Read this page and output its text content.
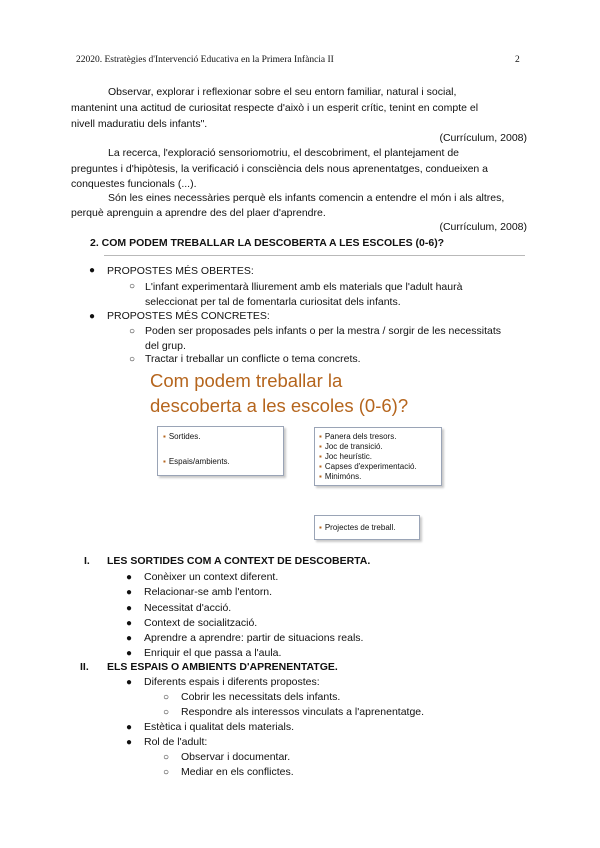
22020. Estratègies d'Intervenció Educativa en la Primera Infància II	2
Observar, explorar i reflexionar sobre el seu entorn familiar, natural i social,
mantenint una actitud de curiositat respecte d'això i un esperit crític, tenint en compte el
nivell maduratiu dels infants".
(Currículum, 2008)
La recerca, l'exploració sensoriomotriu, el descobriment, el plantejament de
preguntes i d'hipòtesis, la verificació i consciència dels nous aprenentatges, condueixen a
conquestes funcionals (...).
Són les eines necessàries perquè els infants comencin a entendre el món i als altres,
perquè aprenguin a aprendre des del plaer d'aprendre.
(Currículum, 2008)
2. COM PODEM TREBALLAR LA DESCOBERTA A LES ESCOLES (0-6)?
● PROPOSTES MÉS OBERTES:
○ L'infant experimentarà lliurement amb els materials que l'adult haurà
seleccionat per tal de fomentarla curiositat dels infants.
● PROPOSTES MÉS CONCRETES:
○ Poden ser proposades pels infants o per la mestra / sorgir de les necessitats
del grup.
○ Tractar i treballar un conflicte o tema concrets.
Com podem treballar la
descoberta a les escoles (0-6)?
▪ Sortides.
▪ Espais/ambients.
▪ Panera dels tresors.
▪ Joc de transició.
▪ Joc heurístic.
▪ Capses d'experimentació.
▪ Minimóns.
▪ Projectes de treball.
I. LES SORTIDES COM A CONTEXT DE DESCOBERTA.
● Conèixer un context diferent.
● Relacionar-se amb l'entorn.
● Necessitat d'acció.
● Context de socialització.
● Aprendre a aprendre: partir de situacions reals.
● Enriquir el que passa a l'aula.
II. ELS ESPAIS O AMBIENTS D'APRENENTATGE.
● Diferents espais i diferents propostes:
○ Cobrir les necessitats dels infants.
○ Respondre als interessos vinculats a l'aprenentatge.
● Estètica i qualitat dels materials.
● Rol de l'adult:
○ Observar i documentar.
○ Mediar en els conflictes.
